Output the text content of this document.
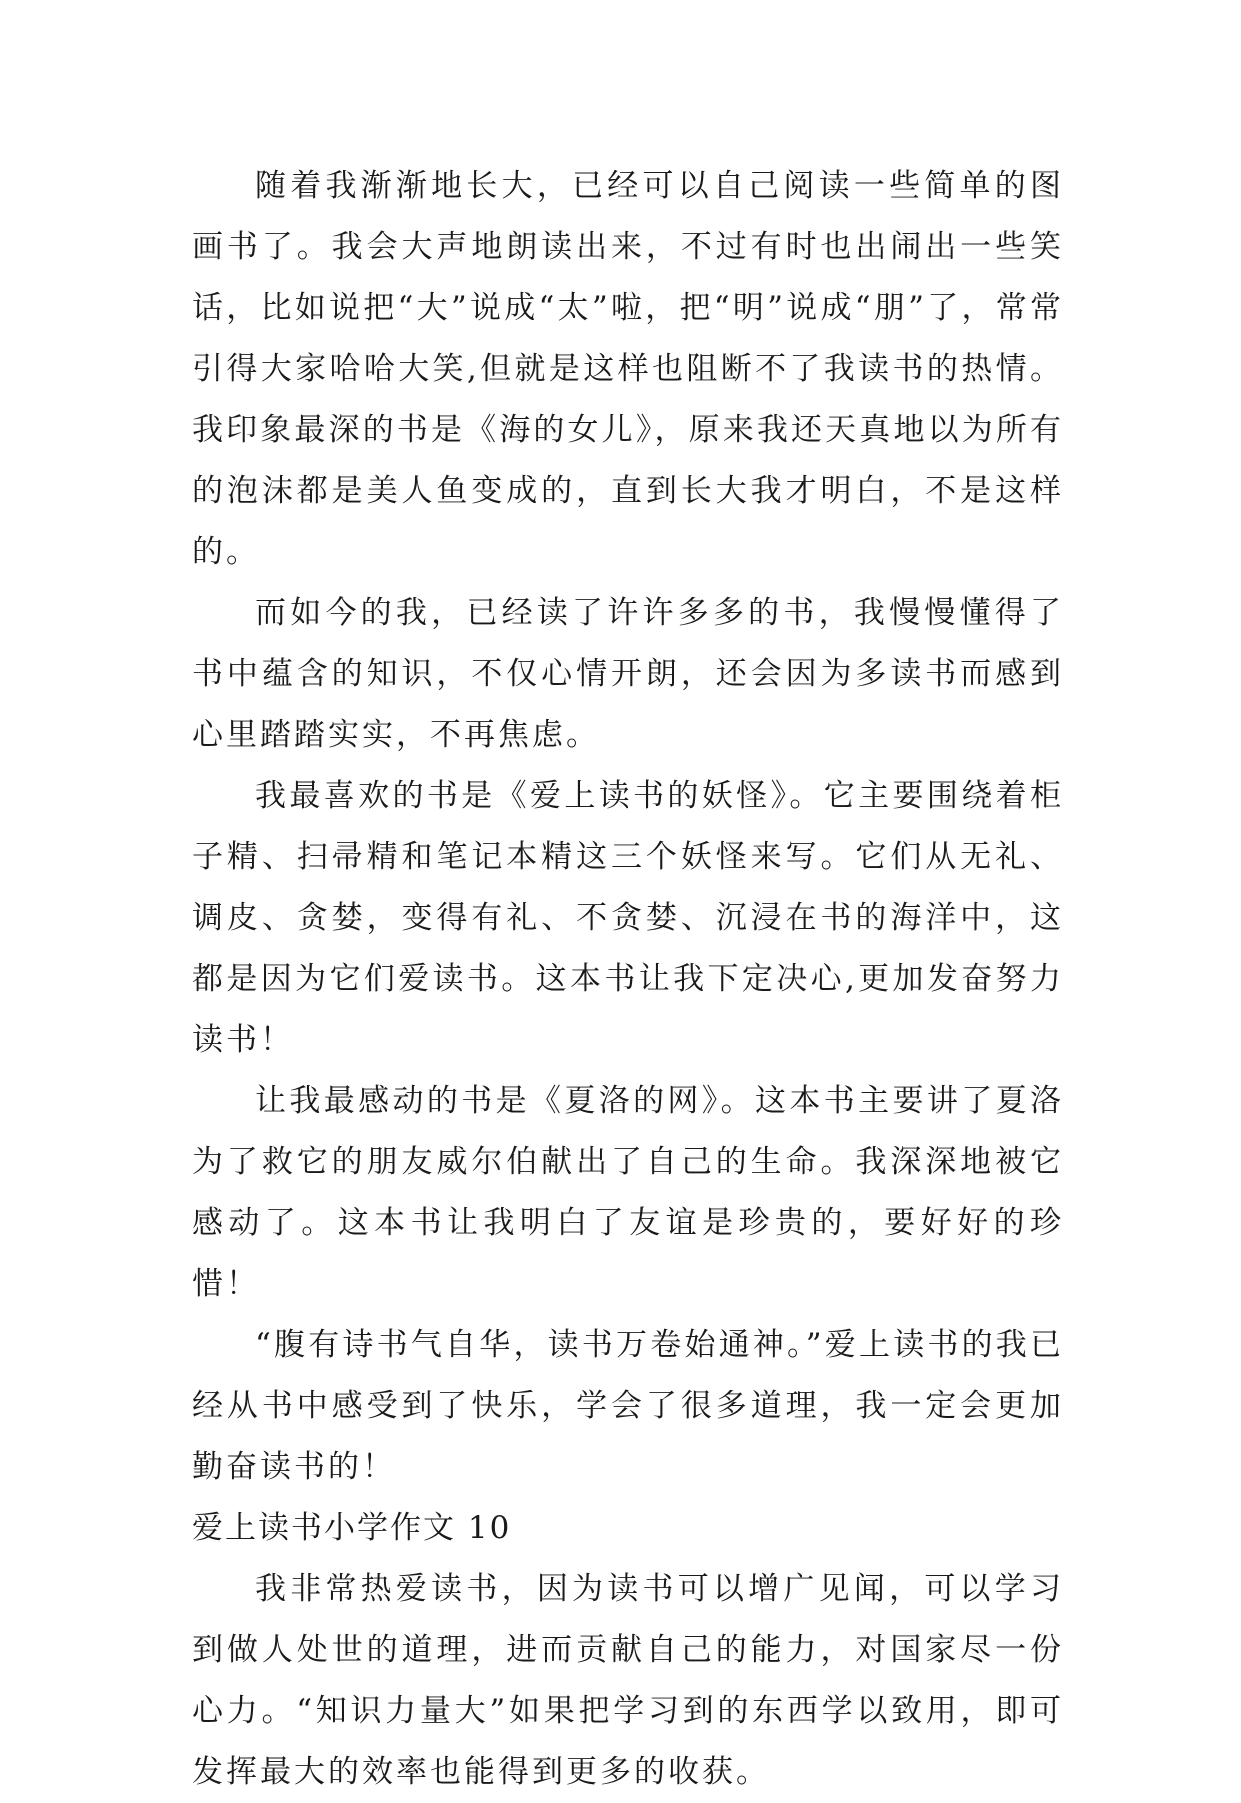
随着我渐渐地长大，已经可以自己阅读一些简单的图画书了。我会大声地朗读出来，不过有时也出闹出一些笑话，比如说把“大”说成“太”啦，把“明”说成“朋”了，常常引得大家哈哈大笑,但就是这样也阻断不了我读书的热情。我印象最深的书是《海的女儿》，原来我还天真地以为所有的泡沫都是美人鱼变成的，直到长大我才明白，不是这样的。

而如今的我，已经读了许许多多的书，我慢慢懂得了书中蕴含的知识，不仅心情开朗，还会因为多读书而感到心里踏踏实实，不再焦虑。

我最喜欢的书是《爱上读书的妖怪》。它主要围绕着柜子精、扫帚精和笔记本精这三个妖怪来写。它们从无礼、调皮、贪婪，变得有礼、不贪婪、沉浸在书的海洋中，这都是因为它们爱读书。这本书让我下定决心,更加发奋努力读书！

让我最感动的书是《夏洛的网》。这本书主要讲了夏洛为了救它的朋友威尔伯献出了自己的生命。我深深地被它感动了。这本书让我明白了友谊是珍贵的，要好好的珍惜！

“腹有诗书气自华，读书万卷始通神。”爱上读书的我已经从书中感受到了快乐，学会了很多道理，我一定会更加勤奋读书的！

爱上读书小学作文 10

我非常热爱读书，因为读书可以增广见闻，可以学习到做人处世的道理，进而贡献自己的能力，对国家尽一份心力。“知识力量大”如果把学习到的东西学以致用，即可发挥最大的效率也能得到更多的收获。
